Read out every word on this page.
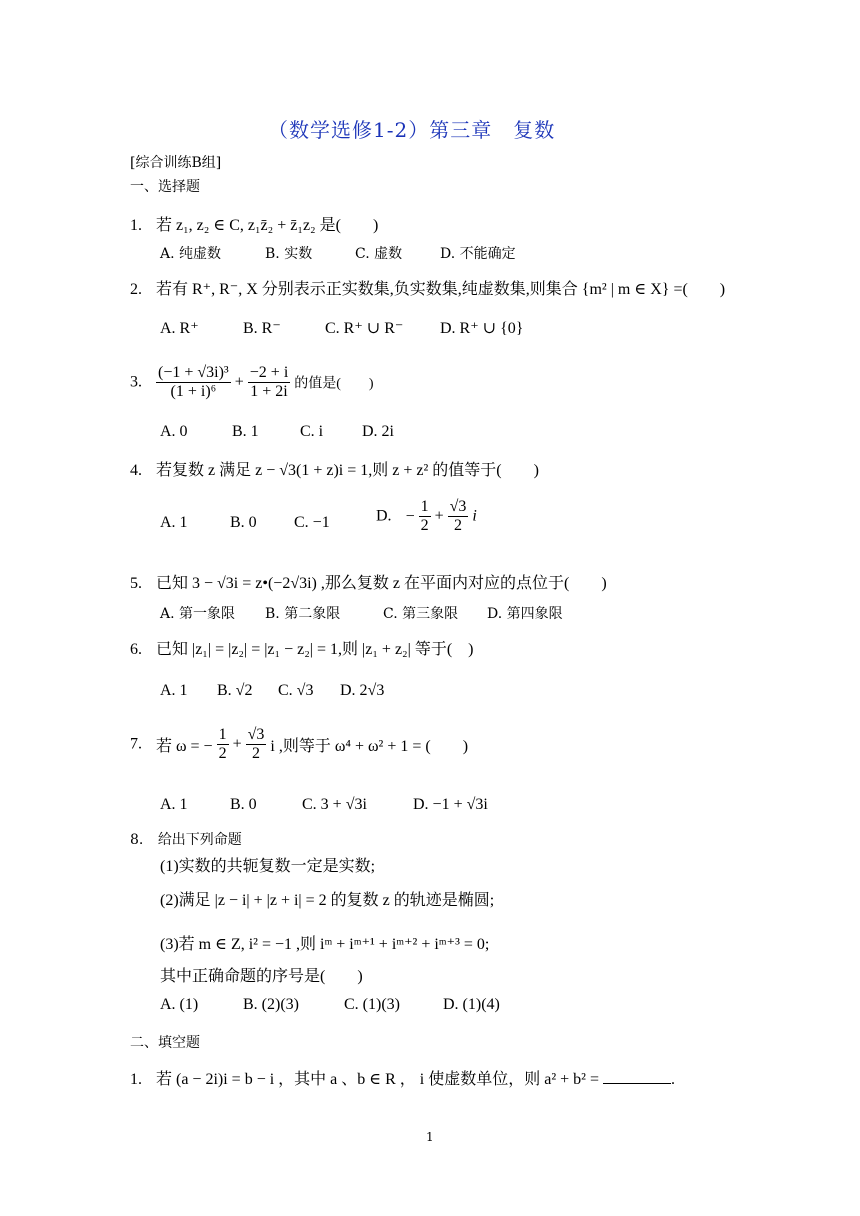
（数学选修1-2）第三章　复数
[综合训练B组]
一、选择题
1. 若 z₁, z₂ ∈ C, z₁z̄₂ + z̄₁z₂ 是(　　)
A. 纯虚数	B. 实数	C. 虚数	D. 不能确定
2. 若有 R⁺, R⁻, X 分别表示正实数集,负实数集,纯虚数集,则集合 {m² | m ∈ X} =(　　)
A. R⁺	B. R⁻	C. R⁺ ∪ R⁻ D. R⁺ ∪ {0}
3. $\frac{\text{(−1 + √3i)³}}{\text{(1 + i)⁶}} + \frac{-2 + i}{1 + 2i}$ 的值是(　　)
A. 0	B. 1	C. i D. 2i
4. 若复数 z 满足 z − √3(1 + z)i = 1,则 z + z² 的值等于(　　)
A. 1	B. 0 C. −1	D. − $\frac{1}{2} + \frac{√3}{2}$ i
5. 已知 3 − √3i = z•(−2√3i) ,那么复数 z 在平面内对应的点位于(　　)
A. 第一象限 B. 第二象限	C. 第三象限 D. 第四象限
6. 已知 |z₁| = |z₂| = |z₁ − z₂| = 1,则 |z₁ + z₂| 等于(　)
A. 1 B. √2 C. √3 D. 2√3
7. 若 ω = − $\frac{1}{2} + \frac{√3}{2}$ i ,则等于 ω⁴ + ω² + 1 = (　　)
A. 1	B. 0	C. 3 + √3i	D. −1 + √3i
8. 给出下列命题
(1)实数的共轭复数一定是实数;
(2)满足 |z − i| + |z + i| = 2 的复数 z 的轨迹是椭圆;
(3)若 m ∈ Z, i² = −1 ,则 iᵐ + iᵐ⁺¹ + iᵐ⁺² + iᵐ⁺³ = 0;
其中正确命题的序号是(　　)
A. (1)	B. (2)(3)	C. (1)(3)	D. (1)(4)
二、填空题
1. 若 (a − 2i)i = b − i ，其中 a 、b ∈ R ， i 使虚数单位，则 a² + b² =	.
1
